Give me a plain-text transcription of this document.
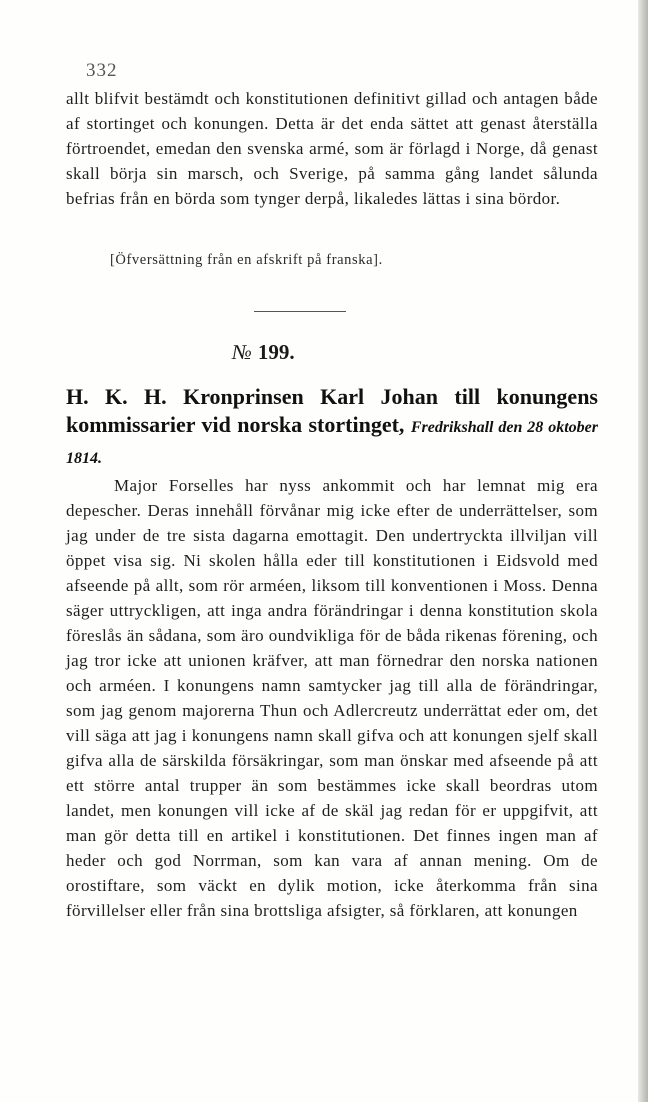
332

allt blifvit bestämdt och konstitutionen definitivt gillad och antagen både af stortinget och konungen. Detta är det enda sättet att genast återställa förtroendet, emedan den svenska armé, som är förlagd i Norge, då genast skall börja sin marsch, och Sverige, på samma gång landet sålunda befrias från en börda som tynger derpå, likaledes lättas i sina bördor.

[Öfversättning från en afskrift på franska].
№ 199.
H. K. H. Kronprinsen Karl Johan till konungens kommissarier vid norska stortinget, Fredrikshall den 28 oktober 1814.

Major Forselles har nyss ankommit och har lemnat mig era depescher. Deras innehåll förvånar mig icke efter de underrättelser, som jag under de tre sista dagarna emottagit. Den undertryckta illviljan vill öppet visa sig. Ni skolen hålla eder till konstitutionen i Eidsvold med afseende på allt, som rör arméen, liksom till konventionen i Moss. Denna säger uttryckligen, att inga andra förändringar i denna konstitution skola föreslås än sådana, som äro oundvikliga för de båda rikenas förening, och jag tror icke att unionen kräfver, att man förnedrar den norska nationen och arméen. I konungens namn samtycker jag till alla de förändringar, som jag genom majorerna Thun och Adlercreutz underrättat eder om, det vill säga att jag i konungens namn skall gifva och att konungen sjelf skall gifva alla de särskilda försäkringar, som man önskar med afseende på att ett större antal trupper än som bestämmes icke skall beordras utom landet, men konungen vill icke af de skäl jag redan för er uppgifvit, att man gör detta till en artikel i konstitutionen. Det finnes ingen man af heder och god Norrman, som kan vara af annan mening. Om de orostiftare, som väckt en dylik motion, icke återkomma från sina förvillelser eller från sina brottsliga afsigter, så förklaren, att konungen
